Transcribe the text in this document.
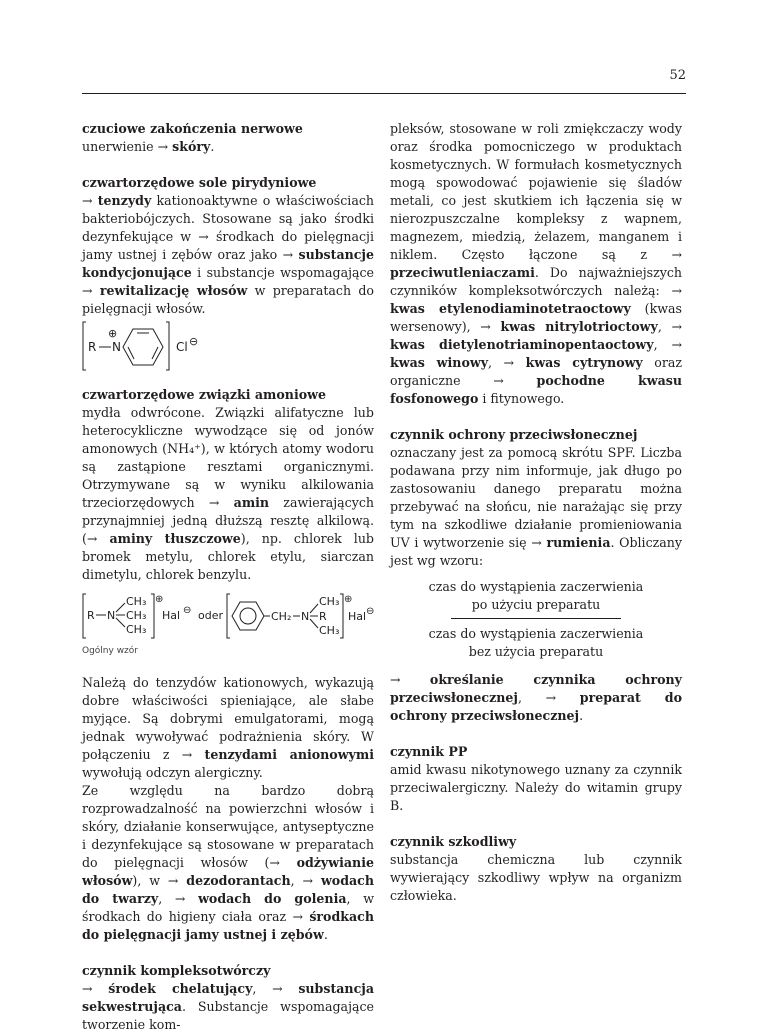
52

czuciowe zakończenia nerwowe
unerwienie → skóry.

czwartorzędowe sole pirydyniowe
→ tenzydy kationoaktywne o właściwościach bakteriobójczych. Stosowane są jako środki dezynfekujące w → środkach do pielęgnacji jamy ustnej i zębów oraz jako → substancje kondycjonujące i substancje wspomagające → rewitalizację włosów w preparatach do pielęgnacji włosów.

R N
⊕
Cl ⊖

czwartorzędowe związki amoniowe
mydła odwrócone. Związki alifatyczne lub heterocykliczne wywodzące się od jonów amonowych (NH₄⁺), w których atomy wodoru są zastąpione resztami organicznymi. Otrzymywane są w wyniku alkilowania trzeciorzędowych → amin zawierających przynajmniej jedną dłuższą resztę alkilową. (→ aminy tłuszczowe), np. chlorek lub bromek metylu, chlorek etylu, siarczan dimetylu, chlorek benzylu.

CH₃
R N CH₃
CH₃
⊕
Hal ⊖ oder	CH₂ N
CH₃
R
CH₃
⊕
Hal ⊖
Ogólny wzór

Należą do tenzydów kationowych, wykazują dobre właściwości spieniające, ale słabe myjące. Są dobrymi emulgatorami, mogą jednak wywoływać podrażnienia skóry. W połączeniu z → tenzydami anionowymi wywołują odczyn alergiczny.
Ze względu na bardzo dobrą rozprowadzalność na powierzchni włosów i skóry, działanie konserwujące, antyseptyczne i dezynfekujące są stosowane w preparatach do pielęgnacji włosów (→ odżywianie włosów), w → dezodorantach, → wodach do twarzy, → wodach do golenia, w środkach do higieny ciała oraz → środkach do pielęgnacji jamy ustnej i zębów.

czynnik kompleksotwórczy
→ środek chelatujący, → substancja sekwestrująca. Substancje wspomagające tworzenie kom-

pleksów, stosowane w roli zmiękczaczy wody oraz środka pomocniczego w produktach kosmetycznych. W formułach kosmetycznych mogą spowodować pojawienie się śladów metali, co jest skutkiem ich łączenia się w nierozpuszczalne kompleksy z wapnem, magnezem, miedzią, żelazem, manganem i niklem. Często łączone są z → przeciwutleniaczami. Do najważniejszych czynników kompleksotwórczych należą: → kwas etylenodiaminotetraoctowy (kwas wersenowy), → kwas nitrylotrioctowy, → kwas dietylenotriaminopentaoctowy, → kwas winowy, → kwas cytrynowy oraz organiczne →	pochodne kwasu fosfonowego i fitynowego.

czynnik ochrony przeciwsłonecznej
oznaczany jest za pomocą skrótu SPF. Liczba podawana przy nim informuje, jak długo po zastosowaniu danego preparatu można przebywać na słońcu, nie narażając się przy tym na szkodliwe działanie promieniowania UV i wytworzenie się → rumienia. Obliczany jest wg wzoru:

czas do wystąpienia zaczerwienia
po użyciu preparatu
czas do wystąpienia zaczerwienia
bez użycia preparatu

→ określanie czynnika ochrony przeciwsłonecznej, → preparat do ochrony przeciwsłonecznej.

czynnik PP
amid kwasu nikotynowego uznany za czynnik przeciwalergiczny. Należy do witamin grupy B.

czynnik szkodliwy
substancja chemiczna lub czynnik wywierający szkodliwy wpływ na organizm człowieka.
